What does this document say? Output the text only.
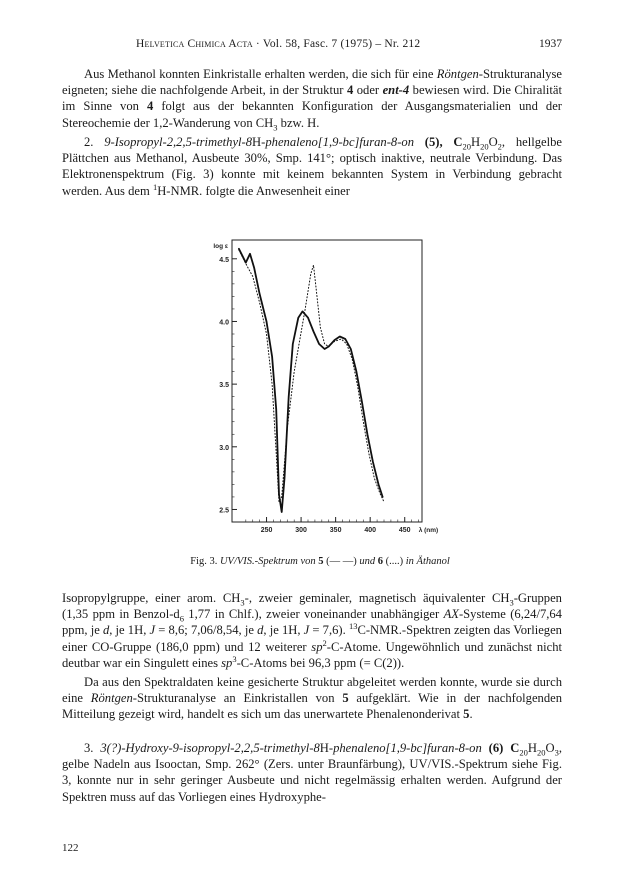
Helvetica Chimica Acta · Vol. 58, Fasc. 7 (1975) – Nr. 212	1937

Aus Methanol konnten Einkristalle erhalten werden, die sich für eine Röntgen-Strukturanalyse eigneten; siehe die nachfolgende Arbeit, in der Struktur 4 oder ent-4 bewiesen wird. Die Chiralität im Sinne von 4 folgt aus der bekannten Konfiguration der Ausgangsmaterialien und der Stereochemie der 1,2-Wanderung von $CH_3$ bzw. H.

2. 9-Isopropyl-2,2,5-trimethyl-8H-phenaleno[1,9-bc]furan-8-on (5), $C_{20}H_{20}O_2$, hellgelbe Plättchen aus Methanol, Ausbeute 30%, Smp. 141°; optisch inaktive, neutrale Verbindung. Das Elektronenspektrum (Fig. 3) konnte mit keinem bekannten System in Verbindung gebracht werden. Aus dem $^1$H-NMR. folgte die Anwesenheit einer

2.5
3.0
3.5
4.0
4.5
log ε
250	300	350	400	450 λ (nm)
Fig. 3. UV/VIS.-Spektrum von 5 (— —) und 6 (....) in Äthanol

Isopropylgruppe, einer arom. $CH_3-$, zweier geminaler, magnetisch äquivalenter $CH_3$-Gruppen (1,35 ppm in Benzol-$d_6$ 1,77 in Chlf.), zweier voneinander unabhängiger AX-Systeme (6,24/7,64 ppm, je d, je 1H, J = 8,6; 7,06/8,54, je d, je 1H, J = 7,6). $^{13}$C-NMR.-Spektren zeigten das Vorliegen einer CO-Gruppe (186,0 ppm) und 12 weiterer $sp^2-C$-Atome. Ungewöhnlich und zunächst nicht deutbar war ein Singulett eines $sp^3-C$-Atoms bei 96,3 ppm (= C(2)).

Da aus den Spektraldaten keine gesicherte Struktur abgeleitet werden konnte, wurde sie durch eine Röntgen-Strukturanalyse an Einkristallen von 5 aufgeklärt. Wie in der nachfolgenden Mitteilung gezeigt wird, handelt es sich um das unerwartete Phenalenonderivat 5.

3. 3(?)-Hydroxy-9-isopropyl-2,2,5-trimethyl-8H-phenaleno[1,9-bc]furan-8-on (6) $C_{20}H_{20}O_3$, gelbe Nadeln aus Isooctan, Smp. 262° (Zers. unter Braunfärbung), UV/VIS.-Spektrum siehe Fig. 3, konnte nur in sehr geringer Ausbeute und nicht regelmässig erhalten werden. Aufgrund der Spektren muss auf das Vorliegen eines Hydroxyphe-

122
